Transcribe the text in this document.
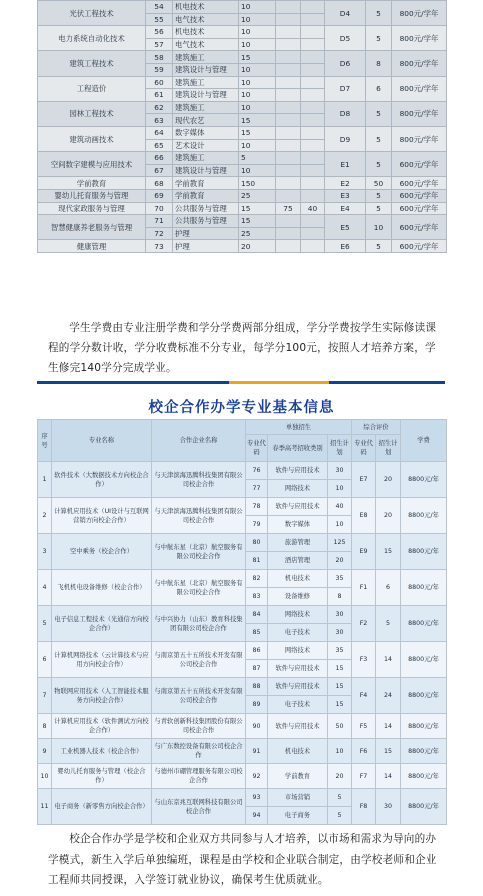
光伏工程技术	54	机电技术	10			D4	5	800元/学年
	55	电气技术	10					
电力系统自动化技术	56	机电技术	10			D5	5	800元/学年
	57	电气技术	10					
建筑工程技术	58	建筑施工	15			D6	8	800元/学年
	59	建筑设计与管理	10					
工程造价	60	建筑施工	10			D7	6	800元/学年
	61	建筑设计与管理	10					
园林工程技术	62	建筑施工	10			D8	5	800元/学年
	63	现代农艺	15					
建筑动画技术	64	数字媒体	15			D9	5	800元/学年
	65	艺术设计	10					
空间数字建模与应用技术	66	建筑施工	5			E1	5	600元/学年
	67	建筑设计与管理	10					
学前教育	68	学前教育	150			E2	50	600元/学年
婴幼儿托育服务与管理	69	学前教育	25			E3	5	600元/学年
现代家政服务与管理	70	公共服务与管理	15	75	40	E4	5	600元/学年
智慧健康养老服务与管理	71	公共服务与管理	15			E5	10	600元/学年
	72	护理	25					
健康管理	73	护理	20			E6	5	600元/学年
学生学费由专业注册学费和学分学费两部分组成，学分学费按学生实际修读课程的学分数计收，学分收费标准不分专业，每学分100元，按照人才培养方案，学生修完140学分完成学业。
校企合作办学专业基本信息
序号	专业名称	合作企业名称	单独招生			综合评价		学费
			专业代码	春季高考招收类别	招生计划	专业代码	招生计划	
1	软件技术（大数据技术方向校企合作）	与天津滨海迅腾科技集团有限公司校企合作	76	软件与应用技术	30	E7	20	8800元/年
			77	网络技术	10			
2	计算机应用技术（UI设计与互联网营销方向校企合作）	与天津滨海迅腾科技集团有限公司校企合作	78	软件与应用技术	40	E8	20	8800元/年
			79	数字媒体	10			
3	空中乘务（校企合作）	与中航东星（北京）航空服务有限公司校企合作	80	旅游管理	125	E9	15	8800元/年
			81	酒店管理	20			
4	飞机机电设备维修（校企合作）	与中航东星（北京）航空服务有限公司校企合作	82	机电技术	35	F1	6	8800元/年
			83	设备维修	8			
5	电子信息工程技术（光通信方向校企合作）	与中兴协力（山东）教育科技集团有限公司校企合作	84	网络技术	30	F2	5	8800元/年
			85	电子技术	30			
6	计算机网络技术（云计算技术与应用方向校企合作）	与南京第五十五所技术开发有限公司校企合作	86	网络技术	35	F3	14	8800元/年
			87	软件与应用技术	15			
7	物联网应用技术（人工智能技术服务方向校企合作）	与南京第五十五所技术开发有限公司校企合作	88	软件与应用技术	15	F4	24	8800元/年
			89	电子技术	15			
8	计算机应用技术（软件测试方向校企合作）	与青软创新科技集团股份有限公司校企合作	90	软件与应用技术	50	F5	14	8800元/年
9	工业机器人技术（校企合作）	与广东数控设备有限公司校企合作	91	机电技术	10	F6	15	8800元/年
10	婴幼儿托育服务与管理（校企合作）	与德州市硼管理服务有限公司校企合作	92	学前教育	20	F7	14	8800元/年
11	电子商务（新零售方向校企合作）	与山东京兆互联网科技有限公司校企合作	93	市场营销	5	F8	30	8800元/年
			94	电子商务	5			
校企合作办学是学校和企业双方共同参与人才培养，以市场和需求为导向的办学模式，新生入学后单独编班，课程是由学校和企业联合制定，由学校老师和企业工程师共同授课，入学签订就业协议，确保考生优质就业。
